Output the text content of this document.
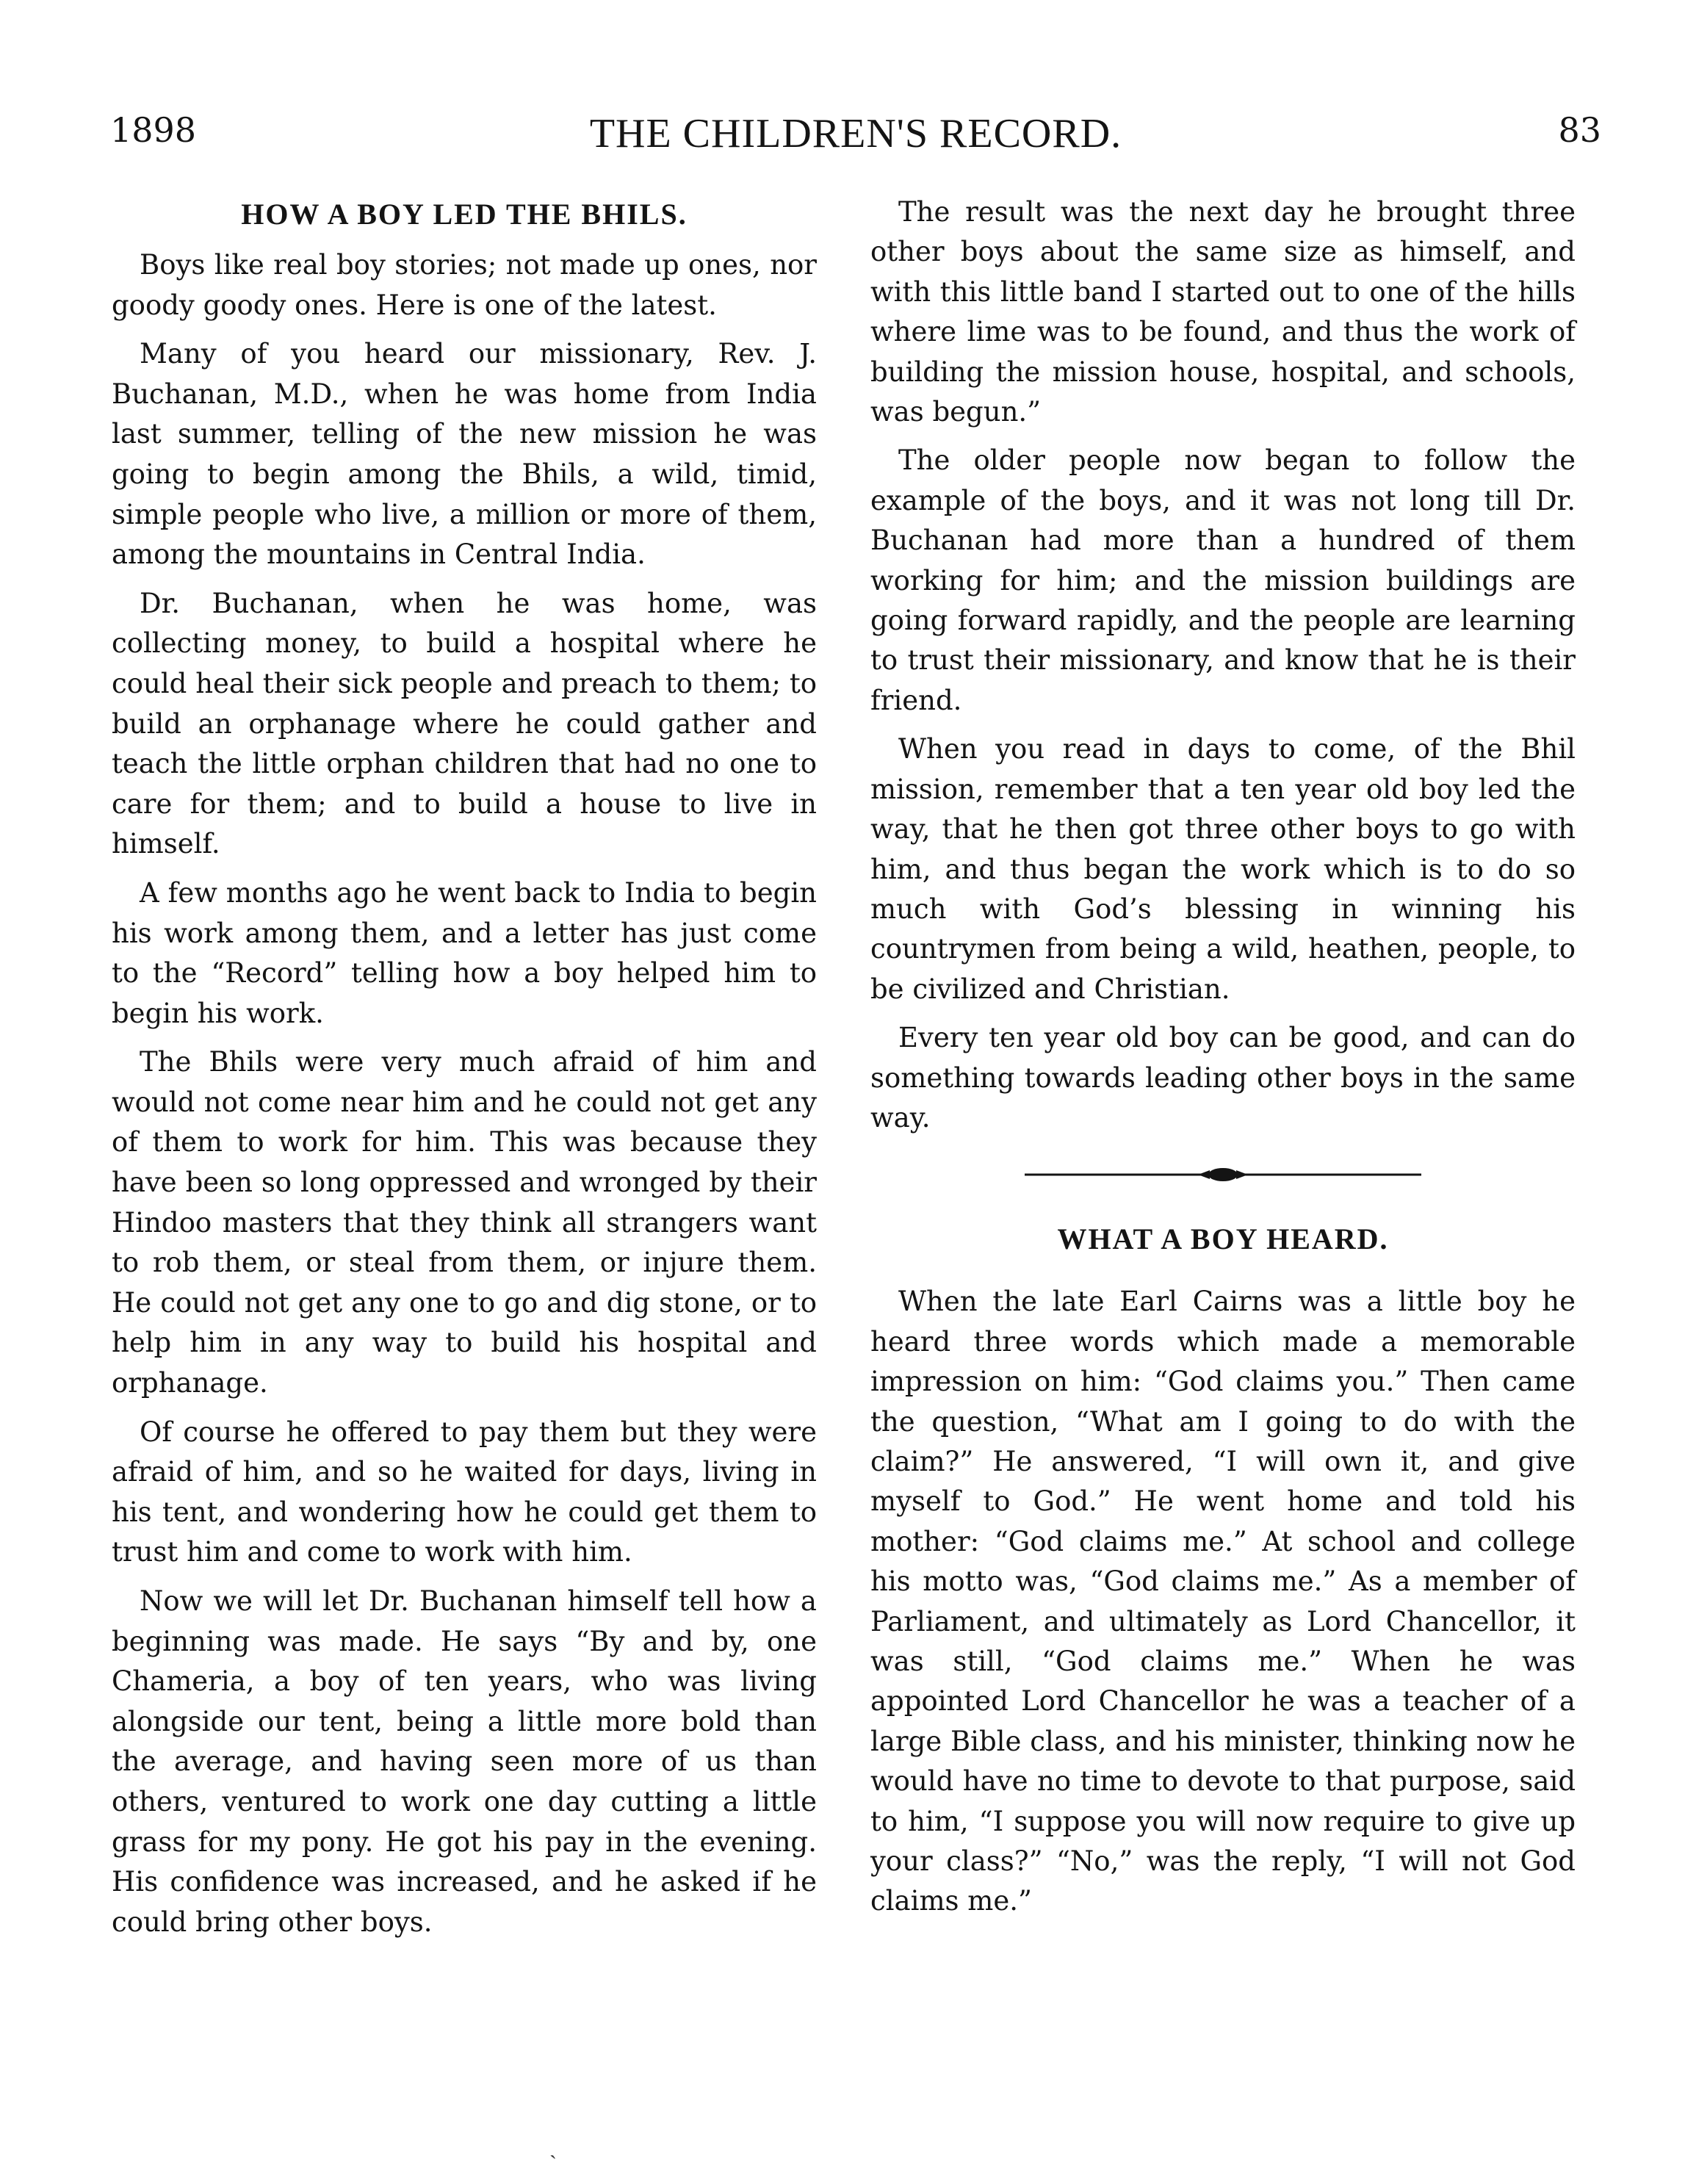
1898	THE CHILDREN'S RECORD.	83
HOW A BOY LED THE BHILS.

Boys like real boy stories; not made up ones, nor goody goody ones. Here is one of the latest.

Many of you heard our missionary, Rev. J. Buchanan, M.D., when he was home from India last summer, telling of the new mission he was going to begin among the Bhils, a wild, timid, simple people who live, a million or more of them, among the mountains in Central India.

Dr. Buchanan, when he was home, was collecting money, to build a hospital where he could heal their sick people and preach to them; to build an orphanage where he could gather and teach the little orphan children that had no one to care for them; and to build a house to live in himself.

A few months ago he went back to India to begin his work among them, and a letter has just come to the “Record” telling how a boy helped him to begin his work.

The Bhils were very much afraid of him and would not come near him and he could not get any of them to work for him. This was because they have been so long oppressed and wronged by their Hindoo masters that they think all strangers want to rob them, or steal from them, or injure them. He could not get any one to go and dig stone, or to help him in any way to build his hospital and orphanage.

Of course he offered to pay them but they were afraid of him, and so he waited for days, living in his tent, and wondering how he could get them to trust him and come to work with him.

Now we will let Dr. Buchanan himself tell how a beginning was made. He says “By and by, one Chameria, a boy of ten years, who was living alongside our tent, being a little more bold than the average, and having seen more of us than others, ventured to work one day cutting a little grass for my pony. He got his pay in the evening. His confidence was increased, and he asked if he could bring other boys.

The result was the next day he brought three other boys about the same size as himself, and with this little band I started out to one of the hills where lime was to be found, and thus the work of building the mission house, hospital, and schools, was begun.”

The older people now began to follow the example of the boys, and it was not long till Dr. Buchanan had more than a hundred of them working for him; and the mission buildings are going forward rapidly, and the people are learning to trust their missionary, and know that he is their friend.

When you read in days to come, of the Bhil mission, remember that a ten year old boy led the way, that he then got three other boys to go with him, and thus began the work which is to do so much with God’s blessing in winning his countrymen from being a wild, heathen, people, to be civilized and Christian.

Every ten year old boy can be good, and can do something towards leading other boys in the same way.

WHAT A BOY HEARD.

When the late Earl Cairns was a little boy he heard three words which made a memorable impression on him: “God claims you.” Then came the question, “What am I going to do with the claim?” He answered, “I will own it, and give myself to God.” He went home and told his mother: “God claims me.” At school and college his motto was, “God claims me.” As a member of Parliament, and ultimately as Lord Chancellor, it was still, “God claims me.” When he was appointed Lord Chancellor he was a teacher of a large Bible class, and his minister, thinking now he would have no time to devote to that purpose, said to him, “I suppose you will now require to give up your class?” “No,” was the reply, “I will not God claims me.”

ˎ
